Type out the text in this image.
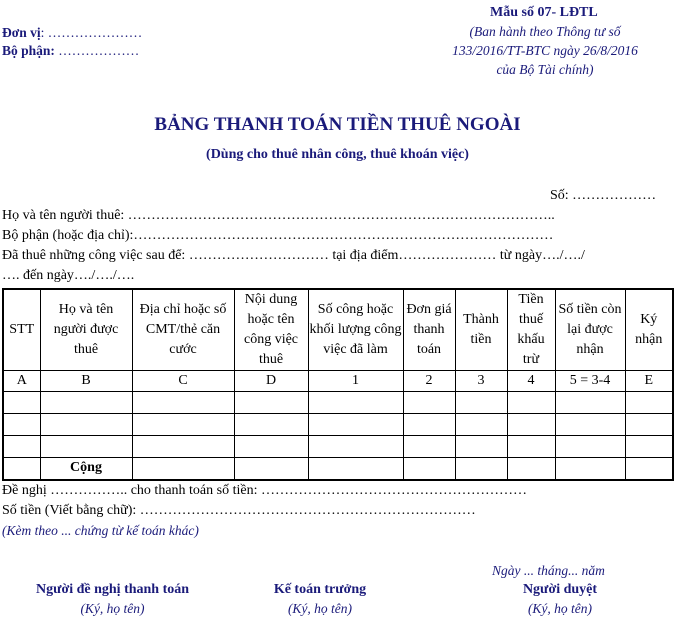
Đơn vị: …………………
Bộ phận: ………………
Mẫu số 07- LĐTL
(Ban hành theo Thông tư số
133/2016/TT-BTC ngày 26/8/2016
của Bộ Tài chính)
BẢNG THANH TOÁN TIỀN THUÊ NGOÀI
(Dùng cho thuê nhân công, thuê khoán việc)
Số: ………………
Họ và tên người thuê: ………………………………………………………………………………..
Bộ phận (hoặc địa chỉ):………………………………………………………………………………
Đã thuê những công việc sau để: ………………………… tại địa điểm………………… từ ngày…./…./
…. đến ngày…./…./….
STT	Họ và tên người được thuê	Địa chỉ hoặc số CMT/thẻ căn cước	Nội dung hoặc tên công việc thuê	Số công hoặc khối lượng công việc đã làm	Đơn giá thanh toán	Thành tiền	Tiền thuế khấu trừ	Số tiền còn lại được nhận	Ký nhận
A	B	C	D	1	2	3	4	5 = 3-4	E

	Cộng								
Đề nghị …………….. cho thanh toán số tiền: …………………………………………………
Số tiền (Viết bằng chữ): ………………………………………………………………
(Kèm theo ... chứng từ kế toán khác)
Ngày ... tháng... năm
Người đề nghị thanh toán
(Ký, họ tên)
Kế toán trưởng
(Ký, họ tên)
Người duyệt
(Ký, họ tên)
